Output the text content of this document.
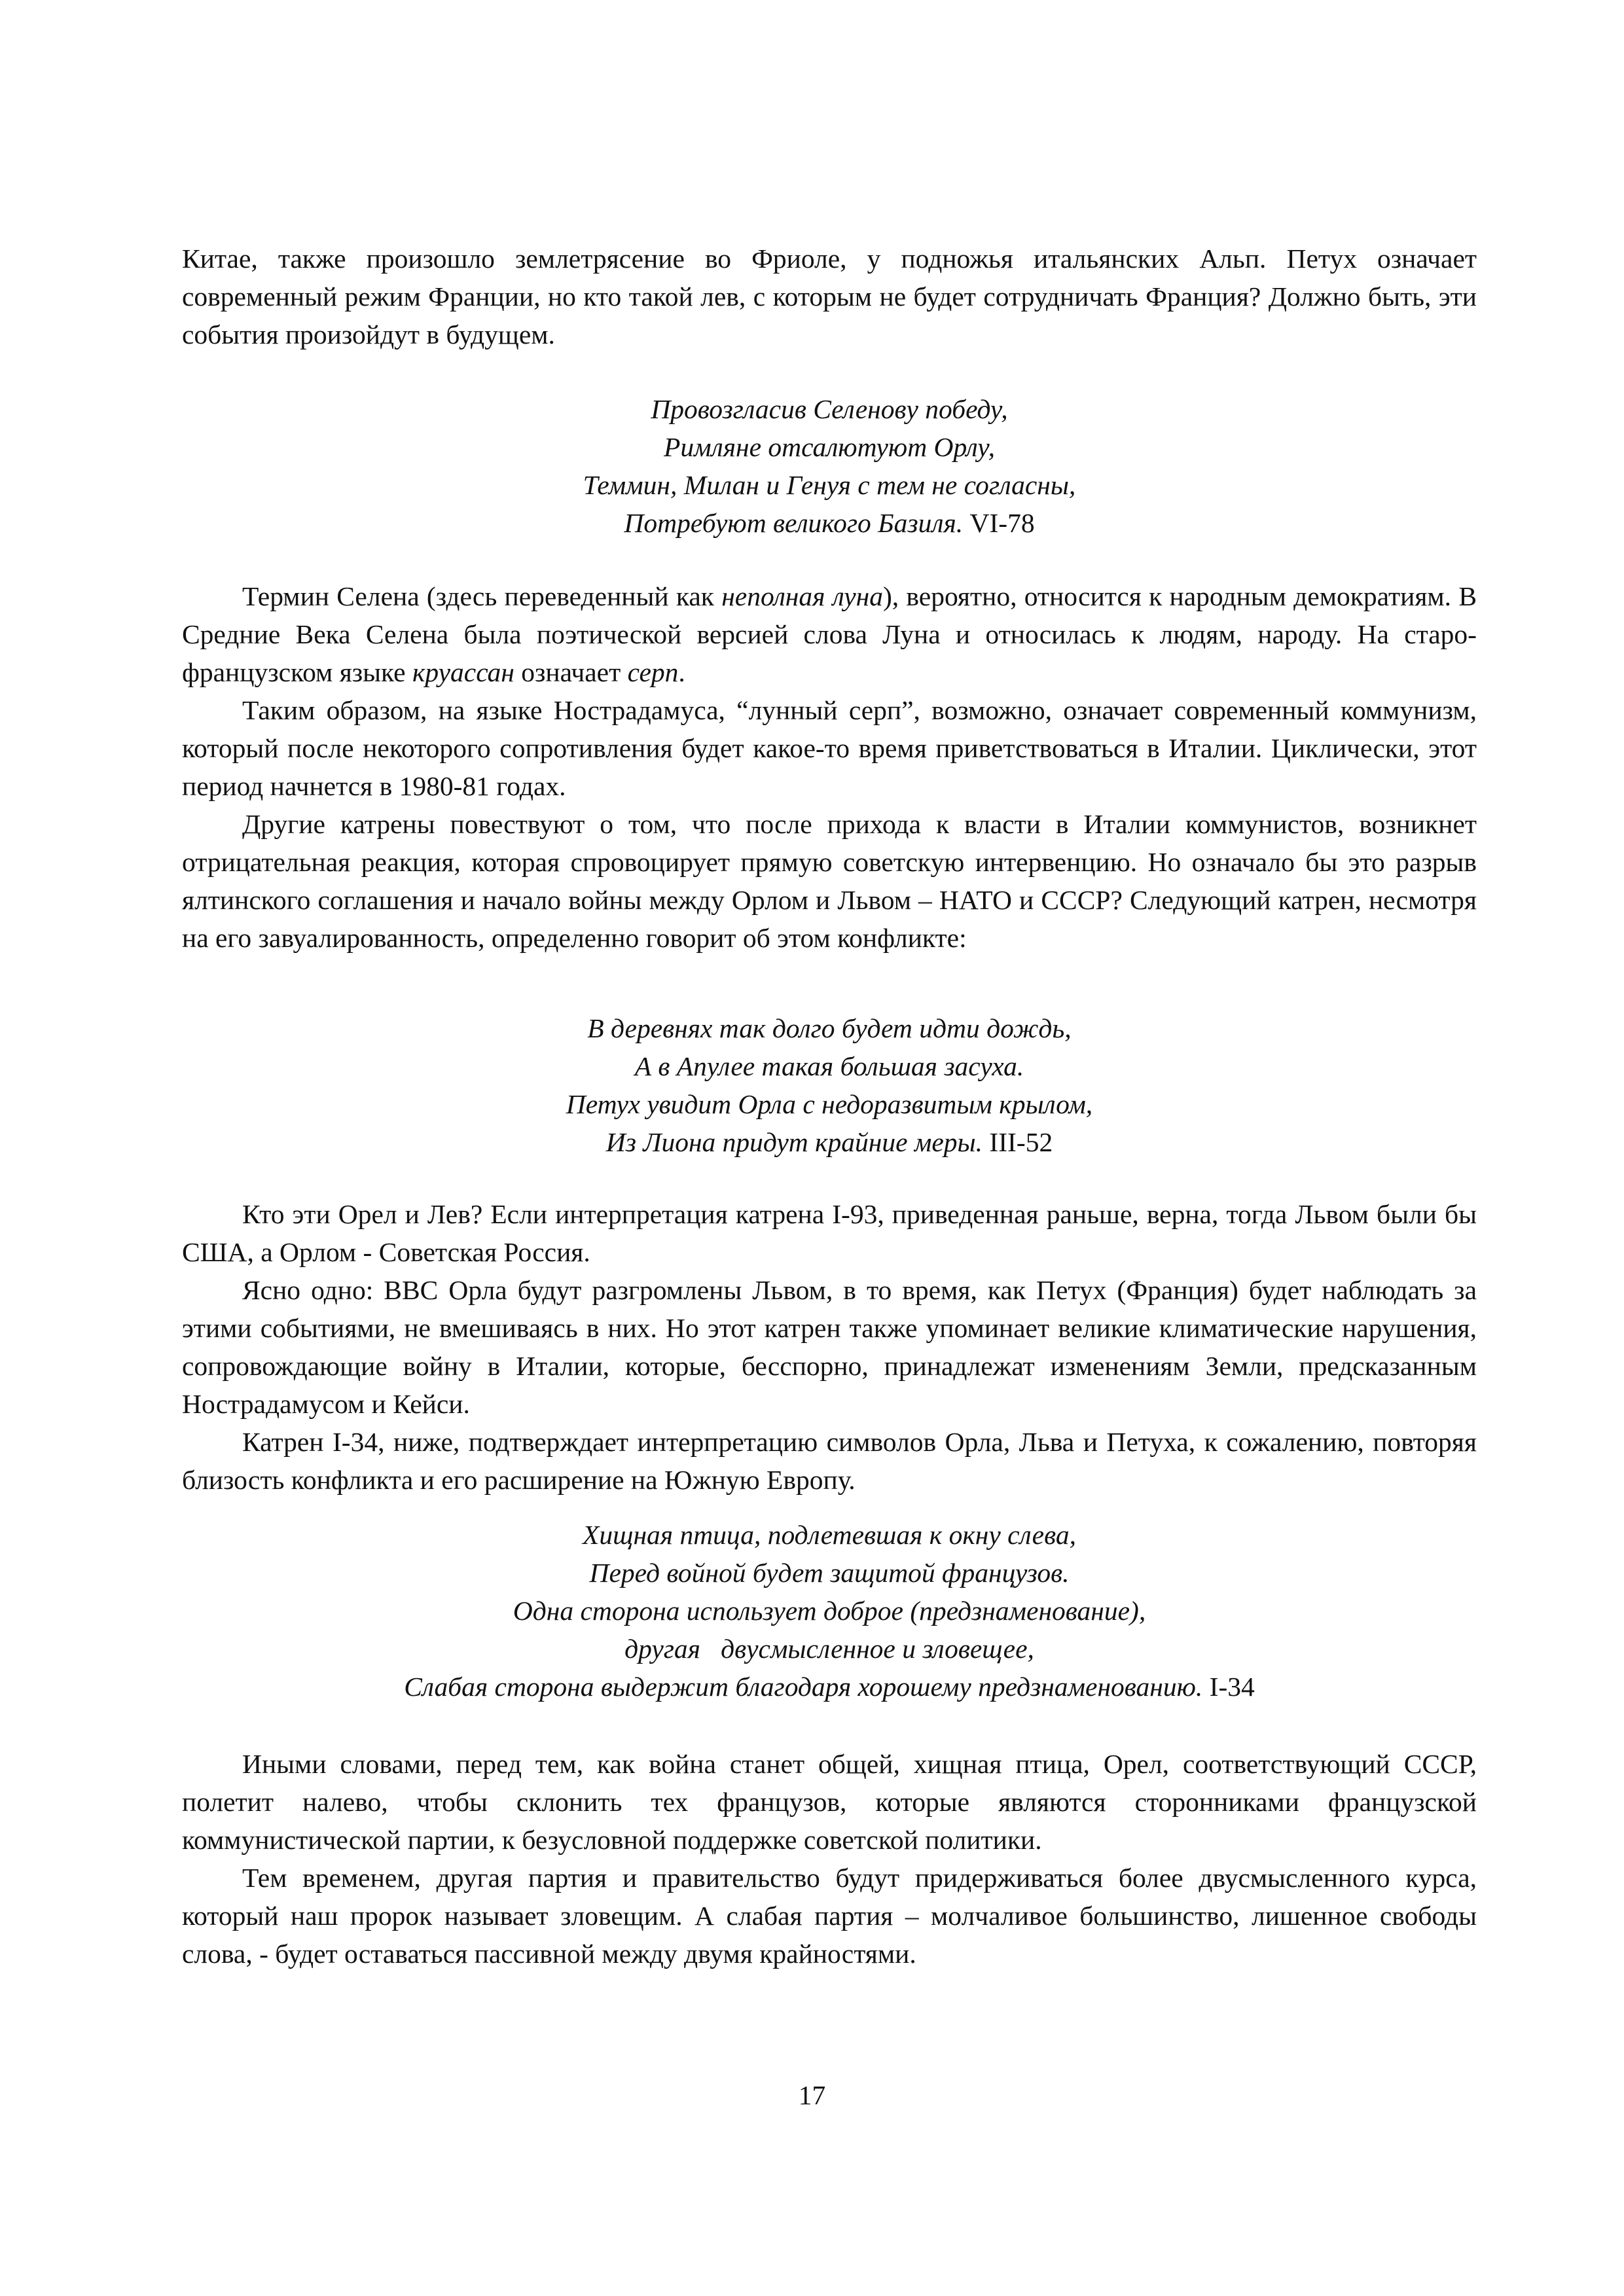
Китае, также произошло землетрясение во Фриоле, у подножья итальянских Альп. Петух означает современный режим Франции, но кто такой лев, с которым не будет сотрудничать Франция? Должно быть, эти события произойдут в будущем.

Провозгласив Селенову победу,
Римляне отсалютуют Орлу,
Теммин, Милан и Генуя с тем не согласны,
Потребуют великого Базиля. VI-78

Термин Селена (здесь переведенный как неполная луна), вероятно, относится к народным демократиям. В Средние Века Селена была поэтической версией слова Луна и относилась к людям, народу. На старо-французском языке круассан означает серп.

Таким образом, на языке Нострадамуса, “лунный серп”, возможно, означает современный коммунизм, который после некоторого сопротивления будет какое-то время приветствоваться в Италии. Циклически, этот период начнется в 1980-81 годах.

Другие катрены повествуют о том, что после прихода к власти в Италии коммунистов, возникнет отрицательная реакция, которая спровоцирует прямую советскую интервенцию. Но означало бы это разрыв ялтинского соглашения и начало войны между Орлом и Львом – НАТО и СССР? Следующий катрен, несмотря на его завуалированность, определенно говорит об этом конфликте:

В деревнях так долго будет идти дождь,
А в Апулее такая большая засуха.
Петух увидит Орла с недоразвитым крылом,
Из Лиона придут крайние меры. III-52

Кто эти Орел и Лев? Если интерпретация катрена I-93, приведенная раньше, верна, тогда Львом были бы США, а Орлом - Советская Россия.

Ясно одно: ВВС Орла будут разгромлены Львом, в то время, как Петух (Франция) будет наблюдать за этими событиями, не вмешиваясь в них. Но этот катрен также упоминает великие климатические нарушения, сопровождающие войну в Италии, которые, бесспорно, принадлежат изменениям Земли, предсказанным Нострадамусом и Кейси.

Катрен I-34, ниже, подтверждает интерпретацию символов Орла, Льва и Петуха, к сожалению, повторяя близость конфликта и его расширение на Южную Европу.

Хищная птица, подлетевшая к окну слева,
Перед войной будет защитой французов.
Одна сторона использует доброе (предзнаменование),
другая   двусмысленное и зловещее,
Слабая сторона выдержит благодаря хорошему предзнаменованию. I-34

Иными словами, перед тем, как война станет общей, хищная птица, Орел, соответствующий СССР, полетит налево, чтобы склонить тех французов, которые являются сторонниками французской коммунистической партии, к безусловной поддержке советской политики.

Тем временем, другая партия и правительство будут придерживаться более двусмысленного курса, который наш пророк называет зловещим. А слабая партия – молчаливое большинство, лишенное свободы слова, - будет оставаться пассивной между двумя крайностями.

17
